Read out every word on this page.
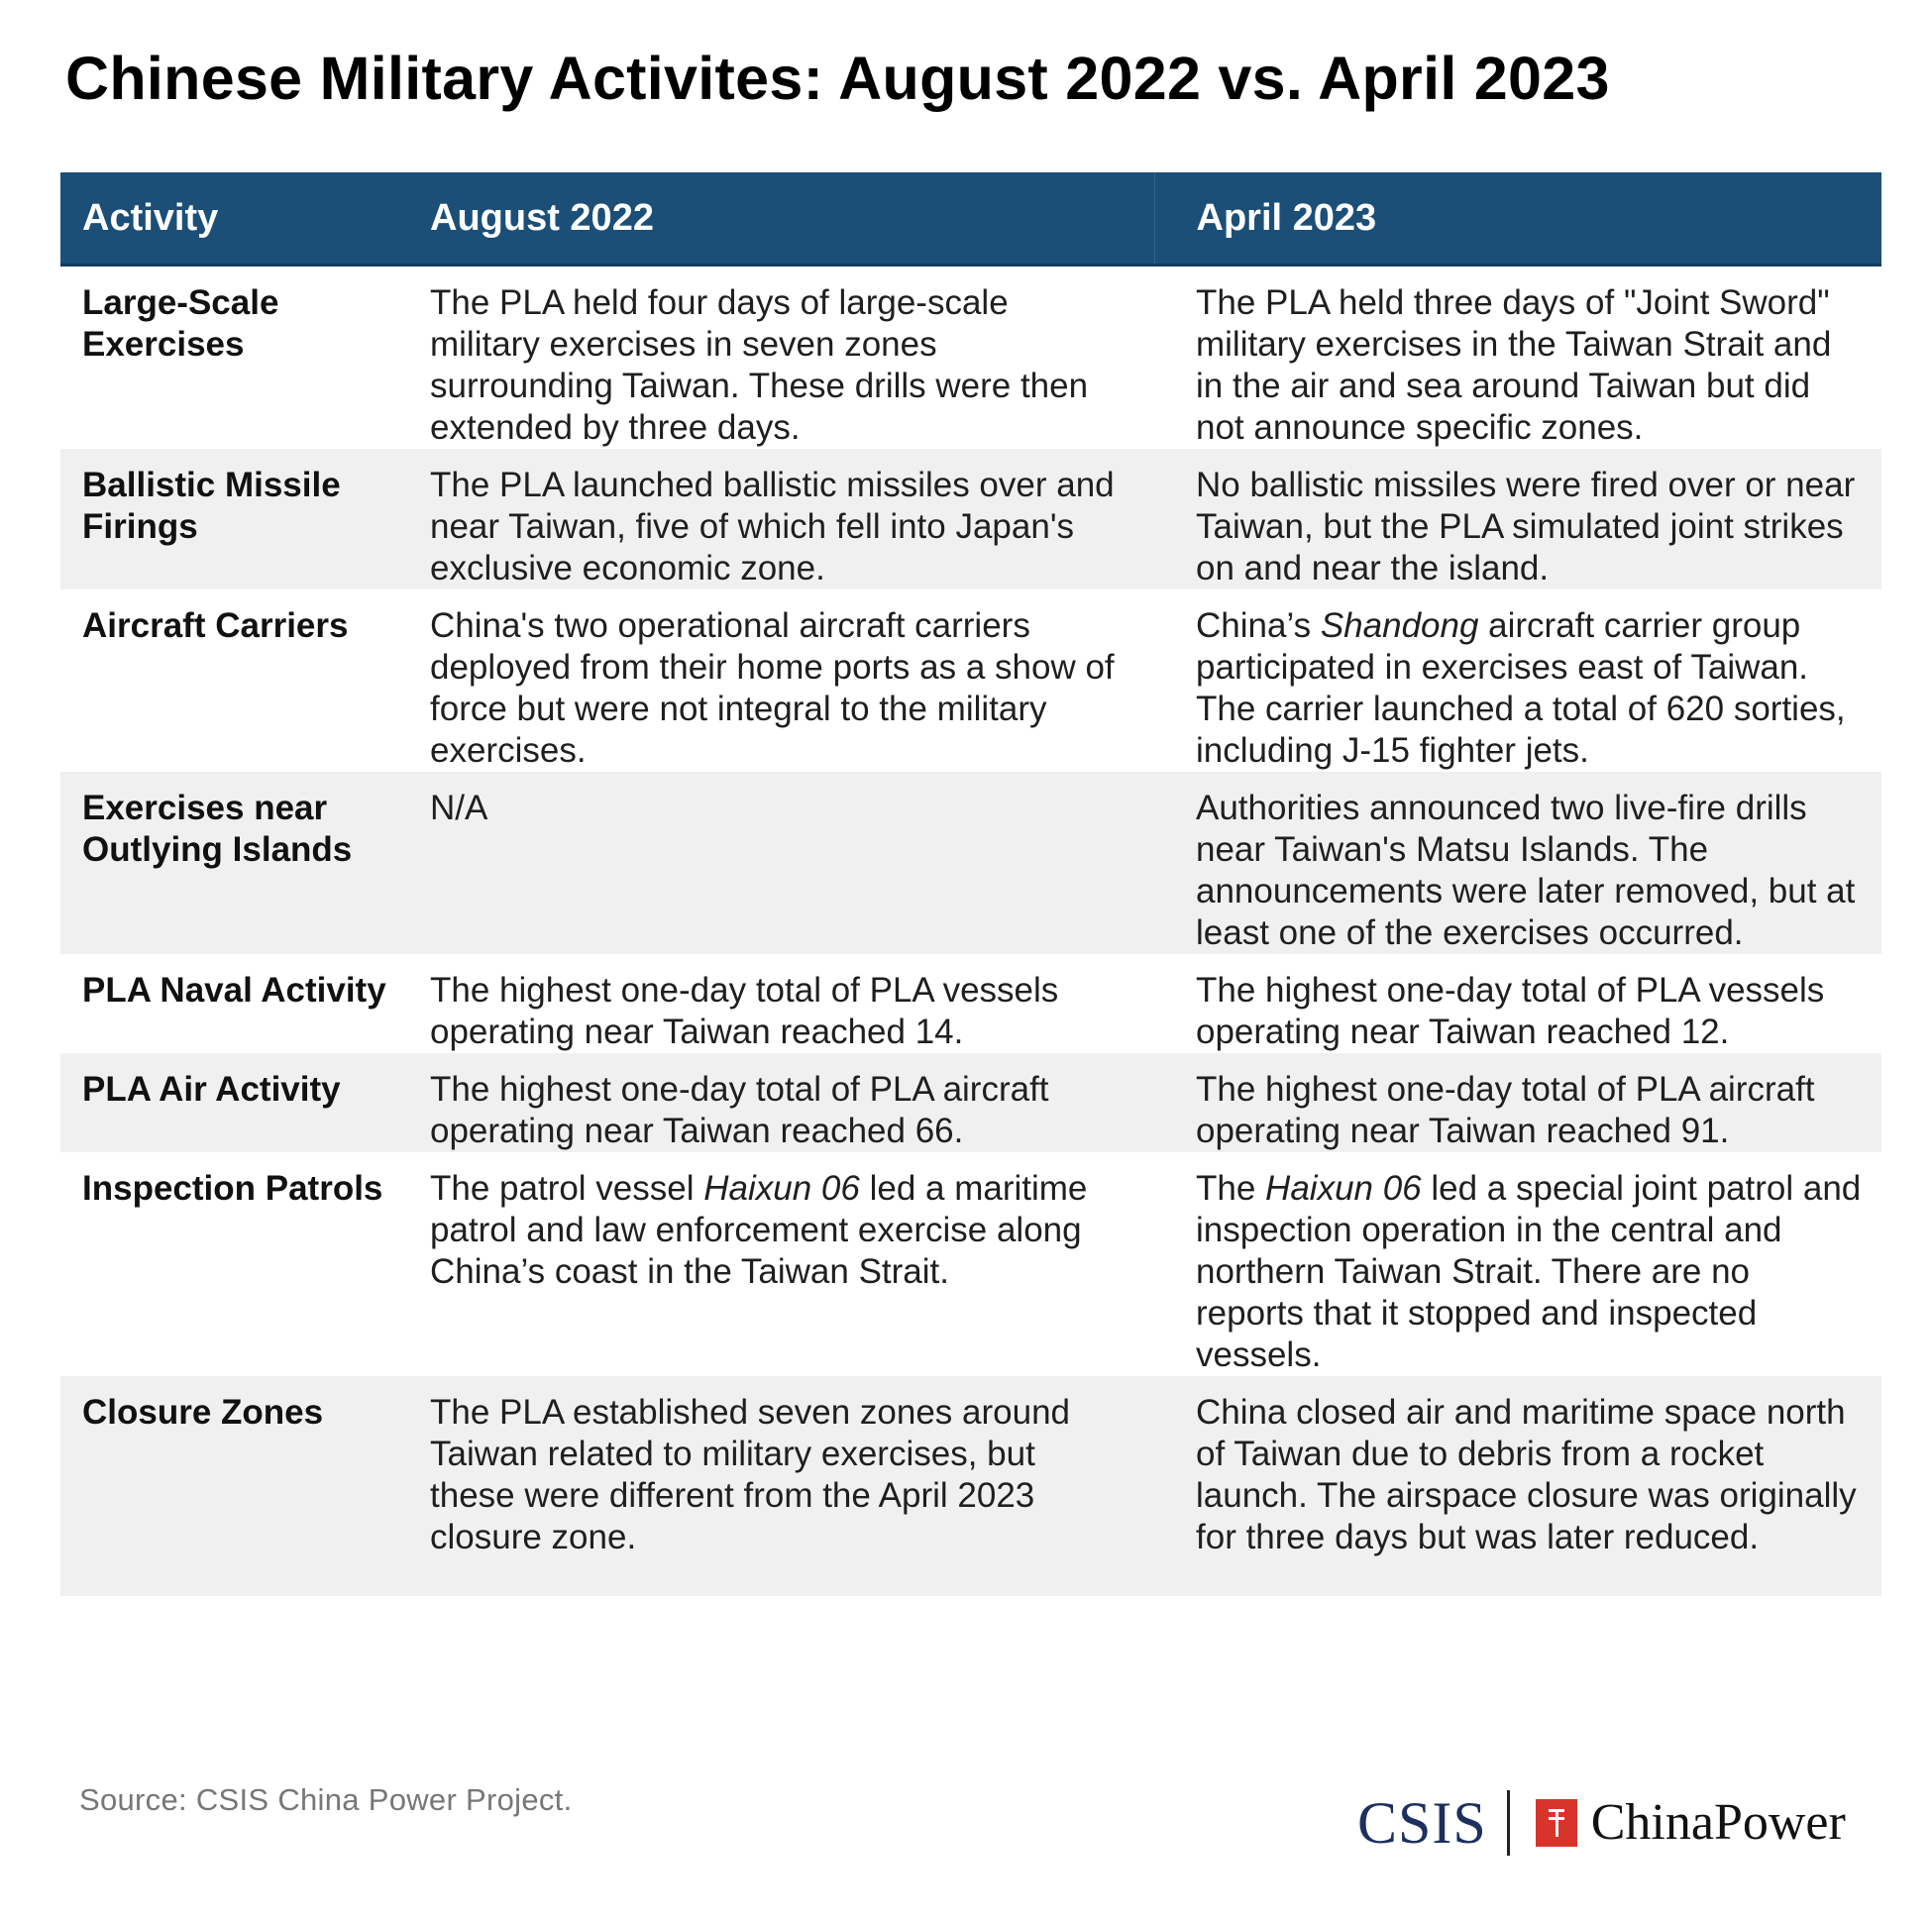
Chinese Military Activites: August 2022 vs. April 2023
Activity	August 2022	April 2023
Large-Scale Exercises	The PLA held four days of large-scale military exercises in seven zones surrounding Taiwan. These drills were then extended by three days.	The PLA held three days of "Joint Sword" military exercises in the Taiwan Strait and in the air and sea around Taiwan but did not announce specific zones.
Ballistic Missile Firings	The PLA launched ballistic missiles over and near Taiwan, five of which fell into Japan's exclusive economic zone.	No ballistic missiles were fired over or near Taiwan, but the PLA simulated joint strikes on and near the island.
Aircraft Carriers	China's two operational aircraft carriers deployed from their home ports as a show of force but were not integral to the military exercises.	China’s Shandong aircraft carrier group participated in exercises east of Taiwan. The carrier launched a total of 620 sorties, including J-15 fighter jets.
Exercises near Outlying Islands	N/A	Authorities announced two live-fire drills near Taiwan's Matsu Islands. The announcements were later removed, but at least one of the exercises occurred.
PLA Naval Activity	The highest one-day total of PLA vessels operating near Taiwan reached 14.	The highest one-day total of PLA vessels operating near Taiwan reached 12.
PLA Air Activity	The highest one-day total of PLA aircraft operating near Taiwan reached 66.	The highest one-day total of PLA aircraft operating near Taiwan reached 91.
Inspection Patrols	The patrol vessel Haixun 06 led a maritime patrol and law enforcement exercise along China’s coast in the Taiwan Strait.	The Haixun 06 led a special joint patrol and inspection operation in the central and northern Taiwan Strait. There are no reports that it stopped and inspected vessels.
Closure Zones	The PLA established seven zones around Taiwan related to military exercises, but these were different from the April 2023 closure zone.	China closed air and maritime space north of Taiwan due to debris from a rocket launch. The airspace closure was originally for three days but was later reduced.
Source: CSIS China Power Project.	CSIS ChinaPower
